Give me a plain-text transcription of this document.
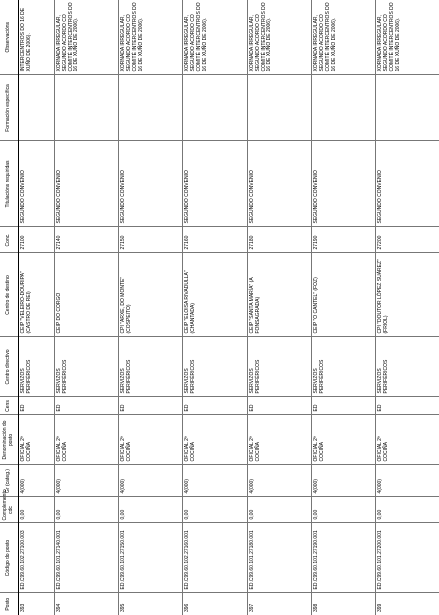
Posto	Código do posto	Complemento cdc	Gr (categ.)	Denominación do posto	Cens	Centro directivo	Centro de destino	Conc.	Titulacións requiridas	Formación específica	Observacións
393	ED.C99.60.102.27100.003	0,00	4(000)	OFICIAL 2ª COCIÑA	ED	SERVIZOS PERIFÉRICOS	CEIP "VELEIRO-DOURIPA" (CASTRO DE REI)	27100	SEGUNDO CONVENIO		INTERCENTROS DO 16 DE XUÑO DE 2006).
394	ED.C99.60.101.27140.001	0,00	4(000)	OFICIAL 2ª COCIÑA	ED	SERVIZOS PERIFÉRICOS	CEIP DO CORGO	27140	SEGUNDO CONVENIO		XORNADA IRREGULAR, SEGUNDO ACORDO CO COMITÉ INTERCENTROS DO 16 DE XUÑO DE 2006).
395	ED.C99.60.101.27150.001	0,00	4(000)	OFICIAL 2ª COCIÑA	ED	SERVIZOS PERIFÉRICOS	CPI "ARXE, DO MONTE" (COSPEITO)	27150	SEGUNDO CONVENIO		XORNADA IRREGULAR, SEGUNDO ACORDO CO COMITÉ INTERCENTROS DO 16 DE XUÑO DE 2006).
396	ED.C99.60.102.27160.001	0,00	4(000)	OFICIAL 2ª COCIÑA	ED	SERVIZOS PERIFÉRICOS	CEIP "ELOISA RIVADULLA" (CHANTADA)	27160	SEGUNDO CONVENIO		XORNADA IRREGULAR, SEGUNDO ACORDO CO COMITÉ INTERCENTROS DO 16 DE XUÑO DE 2006).
397	ED.C99.60.101.27180.001	0,00	4(000)	OFICIAL 2ª COCIÑA	ED	SERVIZOS PERIFÉRICOS	CEIP "SANTA MARÍA" (A FONSAGRADA)	27180	SEGUNDO CONVENIO		XORNADA IRREGULAR, SEGUNDO ACORDO CO COMITÉ INTERCENTROS DO 16 DE XUÑO DE 2006).
398	ED.C99.60.101.27190.001	0,00	4(000)	OFICIAL 2ª COCIÑA	ED	SERVIZOS PERIFÉRICOS	CEIP "O CANTEL" (FOZ)	27190	SEGUNDO CONVENIO		XORNADA IRREGULAR, SEGUNDO ACORDO CO COMITÉ INTERCENTROS DO 16 DE XUÑO DE 2006).
399	ED.C99.60.101.27200.001	0,00	4(000)	OFICIAL 2ª COCIÑA	ED	SERVIZOS PERIFÉRICOS	CPI "DOUTOR LÓPEZ SUÁREZ" (FRIOL)	27200	SEGUNDO CONVENIO		XORNADA IRREGULAR, SEGUNDO ACORDO CO COMITÉ INTERCENTROS DO 16 DE XUÑO DE 2006).
